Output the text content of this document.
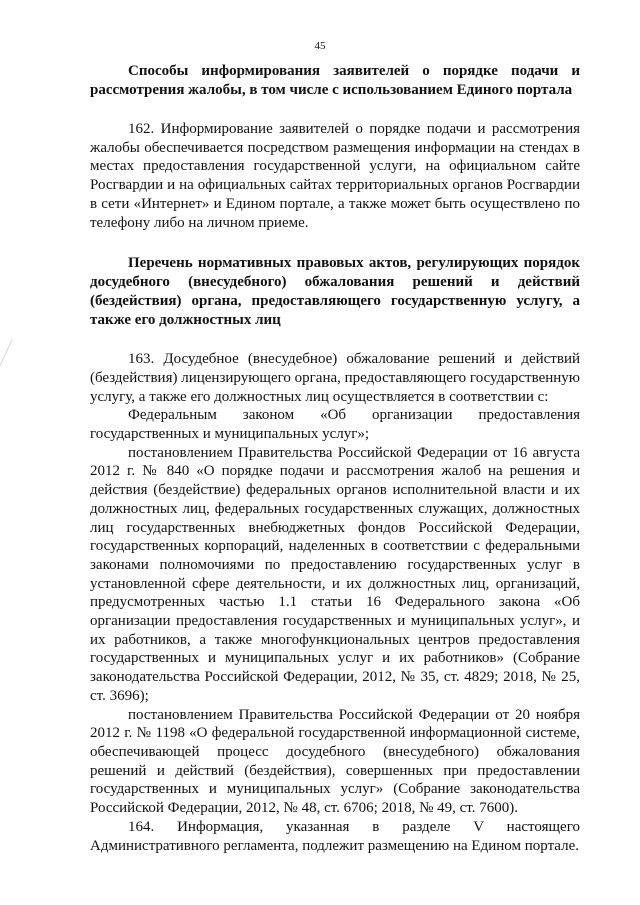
45
Способы информирования заявителей о порядке подачи и рассмотрения жалобы, в том числе с использованием Единого портала

162. Информирование заявителей о порядке подачи и рассмотрения жалобы обеспечивается посредством размещения информации на стендах в местах предоставления государственной услуги, на официальном сайте Росгвардии и на официальных сайтах территориальных органов Росгвардии в сети «Интернет» и Едином портале, а также может быть осуществлено по телефону либо на личном приеме.

Перечень нормативных правовых актов, регулирующих порядок досудебного (внесудебного) обжалования решений и действий (бездействия) органа, предоставляющего государственную услугу, а также его должностных лиц

163. Досудебное (внесудебное) обжалование решений и действий (бездействия) лицензирующего органа, предоставляющего государственную услугу, а также его должностных лиц осуществляется в соответствии с:

Федеральным законом «Об организации предоставления государственных и муниципальных услуг»;

постановлением Правительства Российской Федерации от 16 августа 2012 г. № 840 «О порядке подачи и рассмотрения жалоб на решения и действия (бездействие) федеральных органов исполнительной власти и их должностных лиц, федеральных государственных служащих, должностных лиц государственных внебюджетных фондов Российской Федерации, государственных корпораций, наделенных в соответствии с федеральными законами полномочиями по предоставлению государственных услуг в установленной сфере деятельности, и их должностных лиц, организаций, предусмотренных частью 1.1 статьи 16 Федерального закона «Об организации предоставления государственных и муниципальных услуг», и их работников, а также многофункциональных центров предоставления государственных и муниципальных услуг и их работников» (Собрание законодательства Российской Федерации, 2012, № 35, ст. 4829; 2018, № 25, ст. 3696);

постановлением Правительства Российской Федерации от 20 ноября 2012 г. № 1198 «О федеральной государственной информационной системе, обеспечивающей процесс досудебного (внесудебного) обжалования решений и действий (бездействия), совершенных при предоставлении государственных и муниципальных услуг» (Собрание законодательства Российской Федерации, 2012, № 48, ст. 6706; 2018, № 49, ст. 7600).

164. Информация, указанная в разделе V настоящего Административного регламента, подлежит размещению на Едином портале.
